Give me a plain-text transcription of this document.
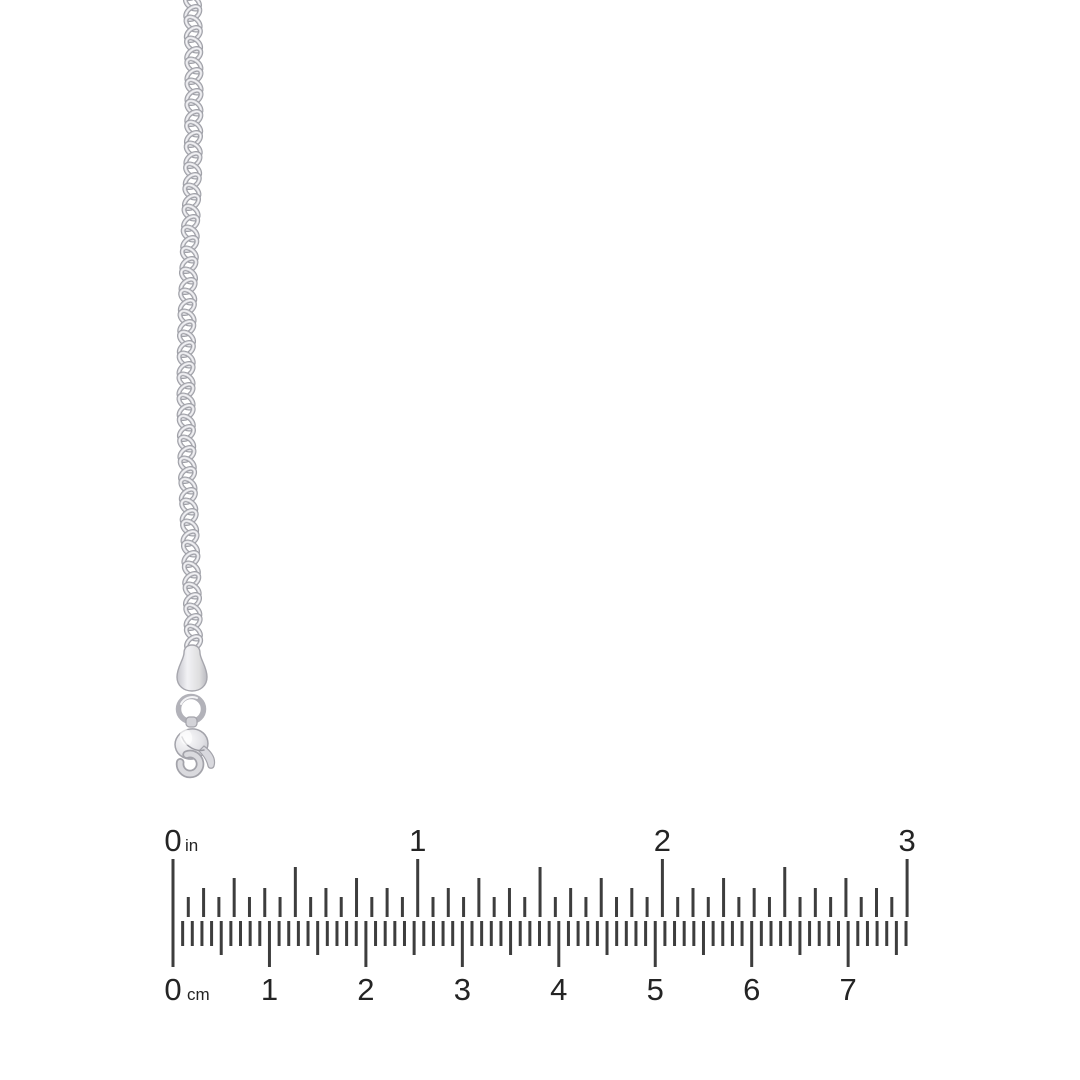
0	1	2	3
in
0	1	2	3	4	5	6	7
cm
